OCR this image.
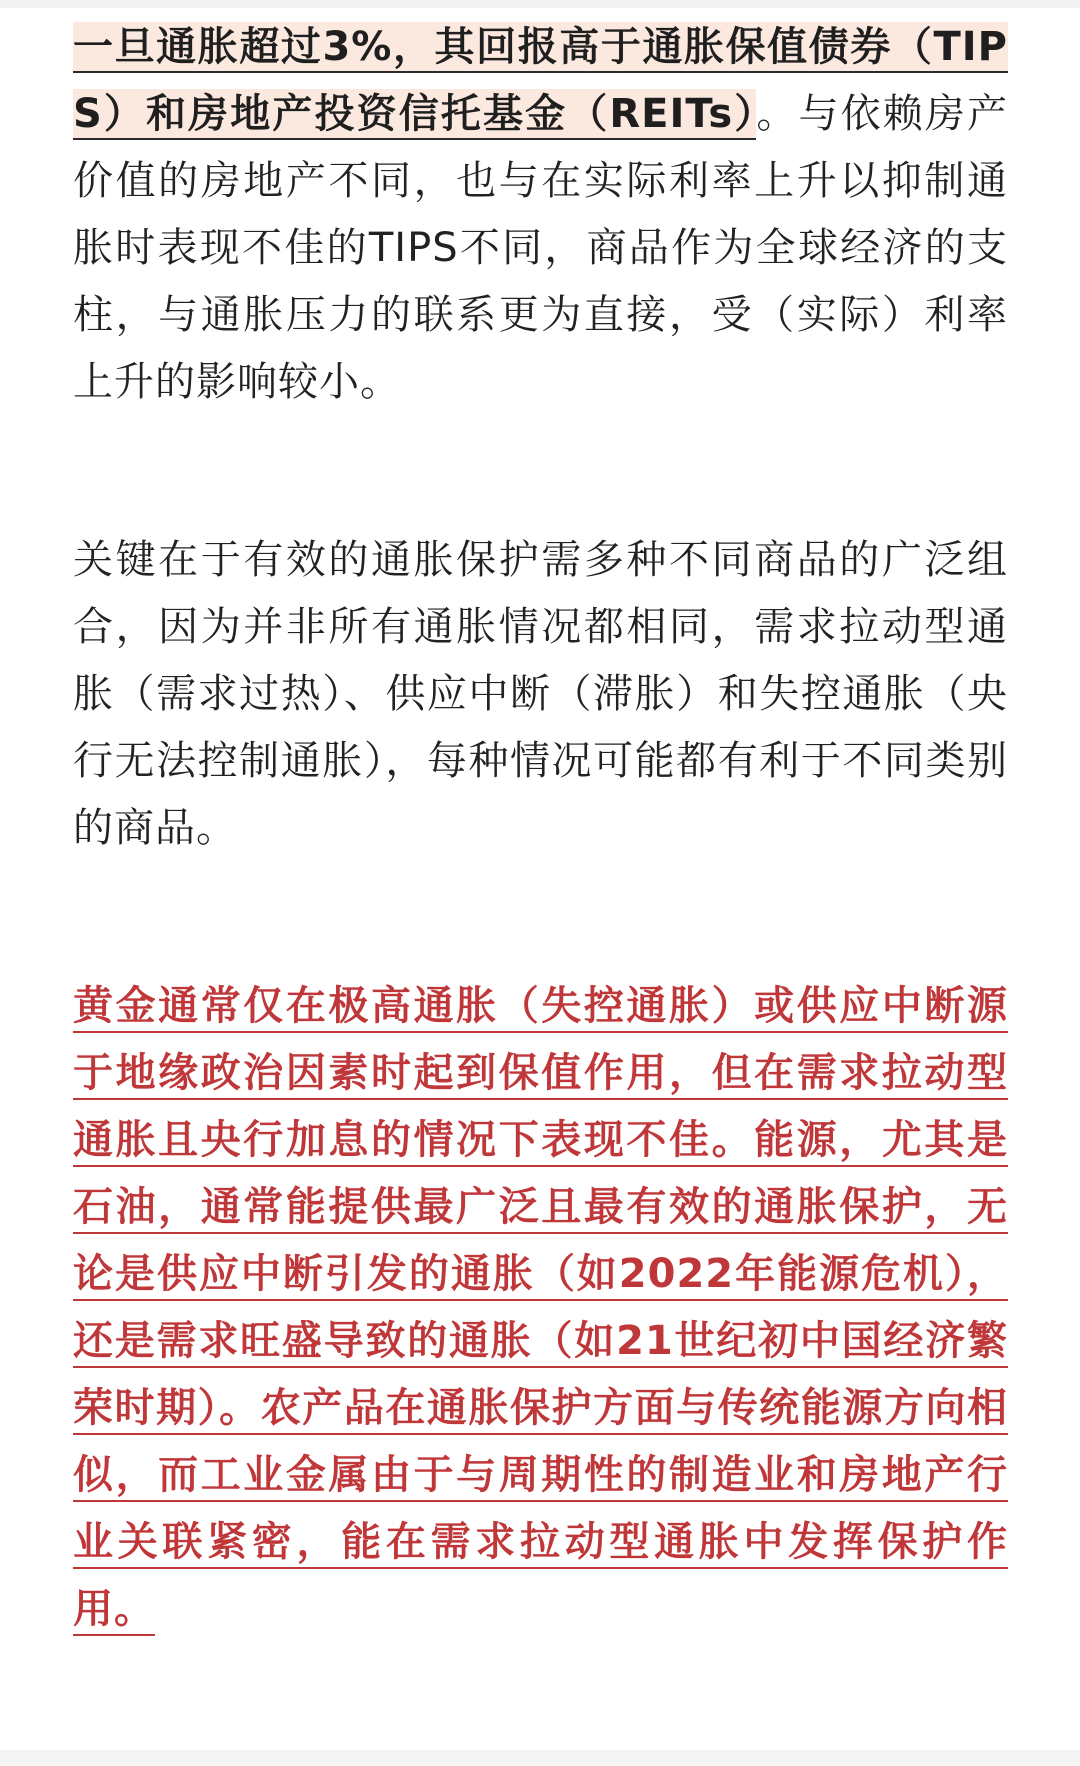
一旦通胀超过3%，其回报高于通胀保值债券（TIPS）和房地产投资信托基金（REITs）。与依赖房产价值的房地产不同，也与在实际利率上升以抑制通胀时表现不佳的TIPS不同，商品作为全球经济的支柱，与通胀压力的联系更为直接，受（实际）利率上升的影响较小。

关键在于有效的通胀保护需多种不同商品的广泛组合，因为并非所有通胀情况都相同，需求拉动型通胀（需求过热）、供应中断（滞胀）和失控通胀（央行无法控制通胀），每种情况可能都有利于不同类别的商品。

黄金通常仅在极高通胀（失控通胀）或供应中断源于地缘政治因素时起到保值作用，但在需求拉动型通胀且央行加息的情况下表现不佳。能源，尤其是石油，通常能提供最广泛且最有效的通胀保护，无论是供应中断引发的通胀（如2022年能源危机），还是需求旺盛导致的通胀（如21世纪初中国经济繁荣时期）。农产品在通胀保护方面与传统能源方向相似，而工业金属由于与周期性的制造业和房地产行业关联紧密，能在需求拉动型通胀中发挥保护作用。
